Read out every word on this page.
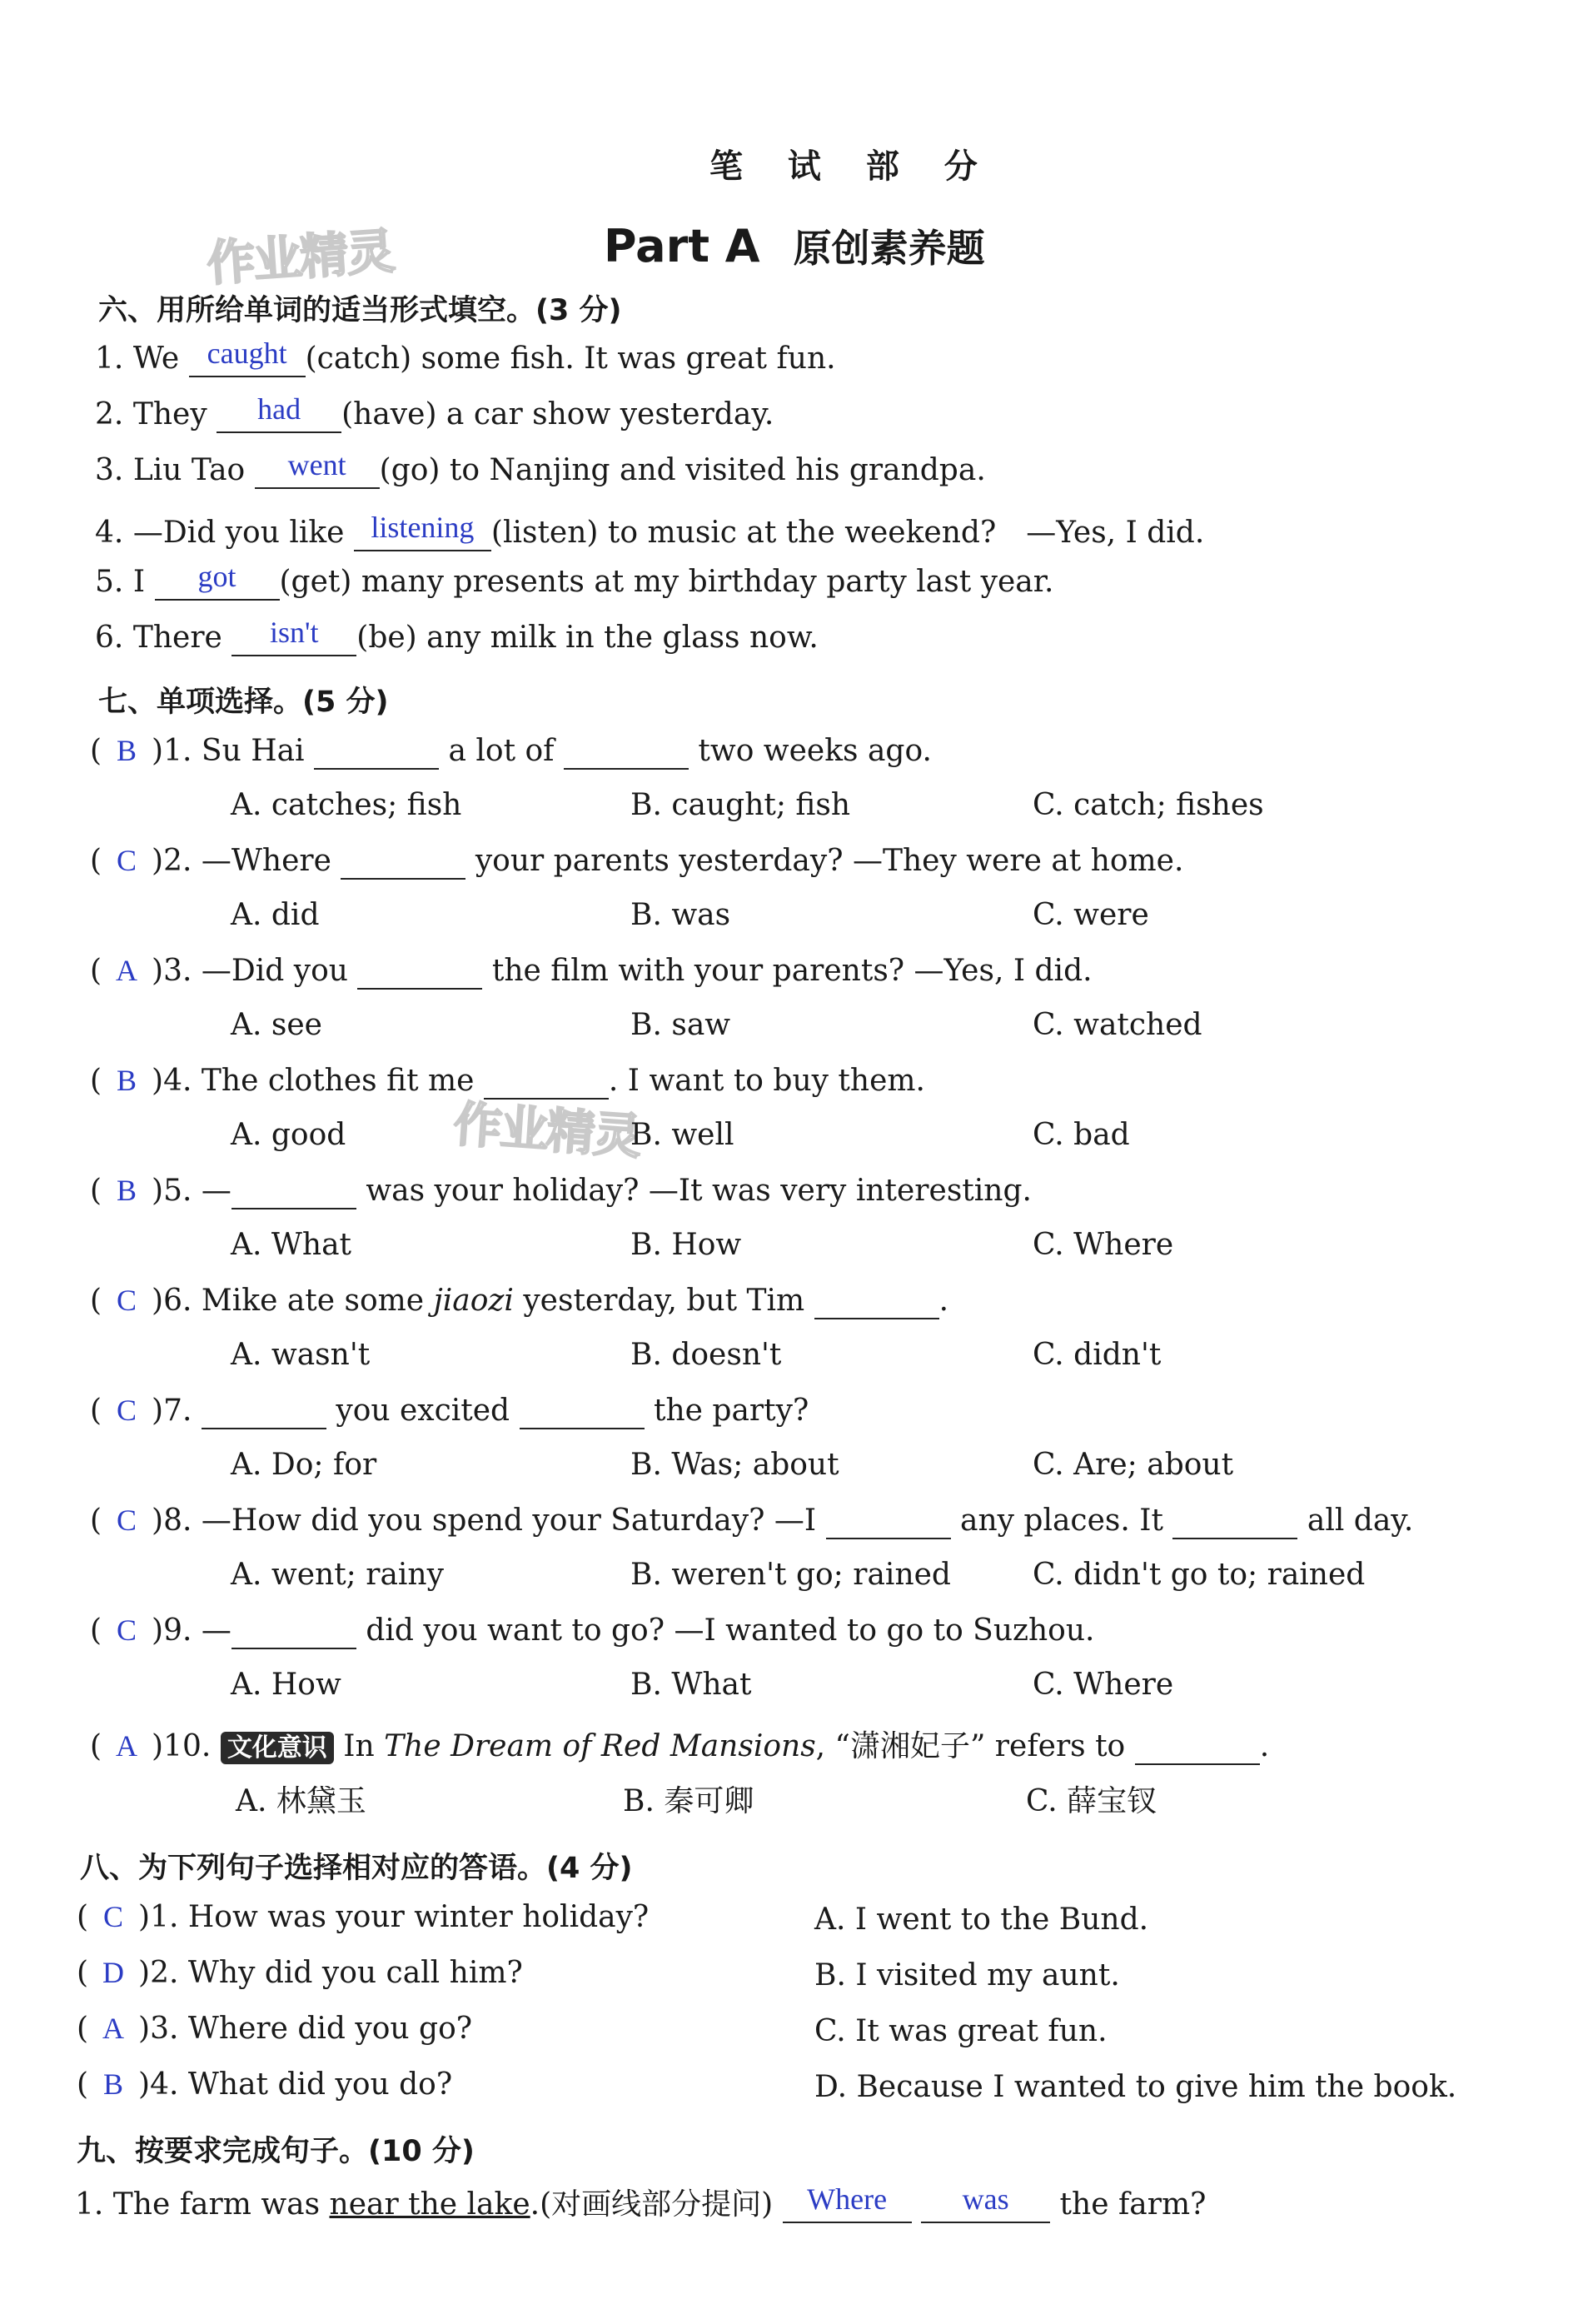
笔 试 部 分
作业精灵	Part A 原创素养题
六、用所给单词的适当形式填空。(3 分)
1. We caught (catch) some fish. It was great fun.
2. They	had	(have) a car show yesterday.
3. Liu Tao	went	(go) to Nanjing and visited his grandpa.
4. —Did you like listening (listen) to music at the weekend?　—Yes, I did.
5. I	got	(get) many presents at my birthday party last year.
6. There	isn't	(be) any milk in the glass now.
七、单项选择。(5 分)
( B )1. Su Hai	a lot of	two weeks ago.
A. catches; fish	B. caught; fish	C. catch; fishes
( C )2. —Where	your parents yesterday? —They were at home.
A. did	B. was	C. were
( A )3. —Did you	the film with your parents? —Yes, I did.
A. see	B. saw	C. watched
( B )4. The clothes fit me	. I want to buy them.
作业精灵
A. good	B. well	C. bad
( B )5. —	was your holiday? —It was very interesting.
A. What	B. How	C. Where
( C )6. Mike ate some jiaozi yesterday, but Tim	.
A. wasn't	B. doesn't	C. didn't
( C )7.	you excited	the party?
A. Do; for	B. Was; about	C. Are; about
( C )8. —How did you spend your Saturday? —I	any places. It	all day.
A. went; rainy	B. weren't go; rained	C. didn't go to; rained
( C )9. —	did you want to go? —I wanted to go to Suzhou.
A. How	B. What	C. Where
( A )10. 文化意识 In The Dream of Red Mansions, “潇湘妃子” refers to	.
A. 林黛玉	B. 秦可卿	C. 薛宝钗
八、为下列句子选择相对应的答语。(4 分)
( C )1. How was your winter holiday?	A. I went to the Bund.
( D )2. Why did you call him?	B. I visited my aunt.
( A )3. Where did you go?	C. It was great fun.
( B )4. What did you do?	D. Because I wanted to give him the book.
九、按要求完成句子。(10 分)
1. The farm was near the lake.(对画线部分提问)	Where
	was	the farm?
